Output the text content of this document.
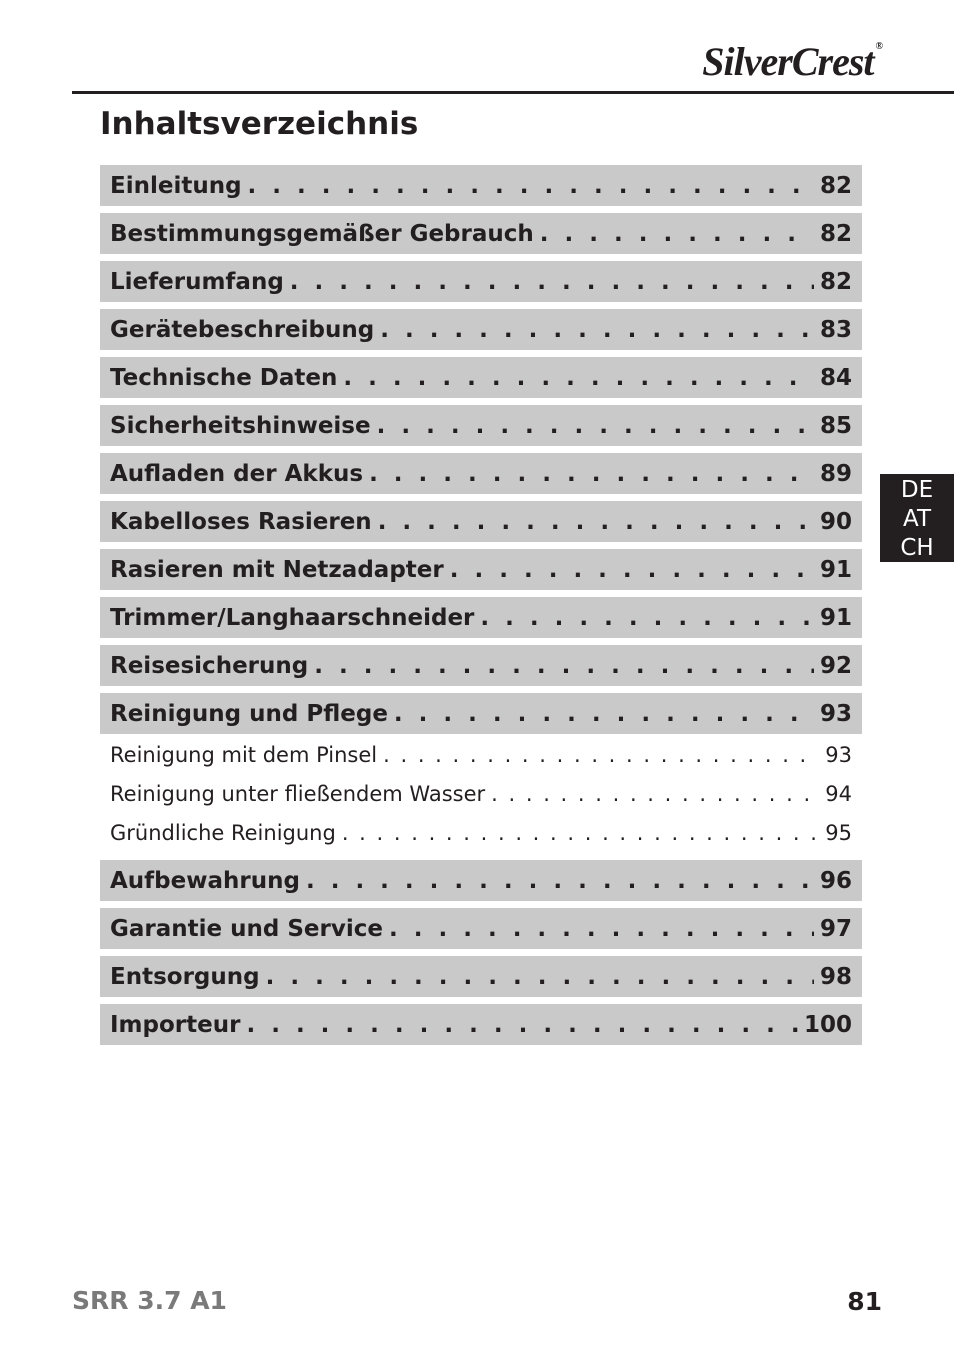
SilverCrest ®
Inhaltsverzeichnis
Einleitung . . .	82
Bestimmungsgemäßer Gebrauch . . .	82
Lieferumfang . . .	82
Gerätebeschreibung . . .	83
Technische Daten . . .	84
Sicherheitshinweise . . .	85
Aufladen der Akkus . . .	89
Kabelloses Rasieren . . .	90
Rasieren mit Netzadapter . . .	91
Trimmer/Langhaarschneider . . .	91
Reisesicherung . . .	92
Reinigung und Pflege . . .	93
Reinigung mit dem Pinsel . . .	93
Reinigung unter fließendem Wasser . . .	94
Gründliche Reinigung . . .	95
Aufbewahrung . . .	96
Garantie und Service . . .	97
Entsorgung . . .	98
Importeur . . .	100
DE
AT
CH
SRR 3.7 A1	81
